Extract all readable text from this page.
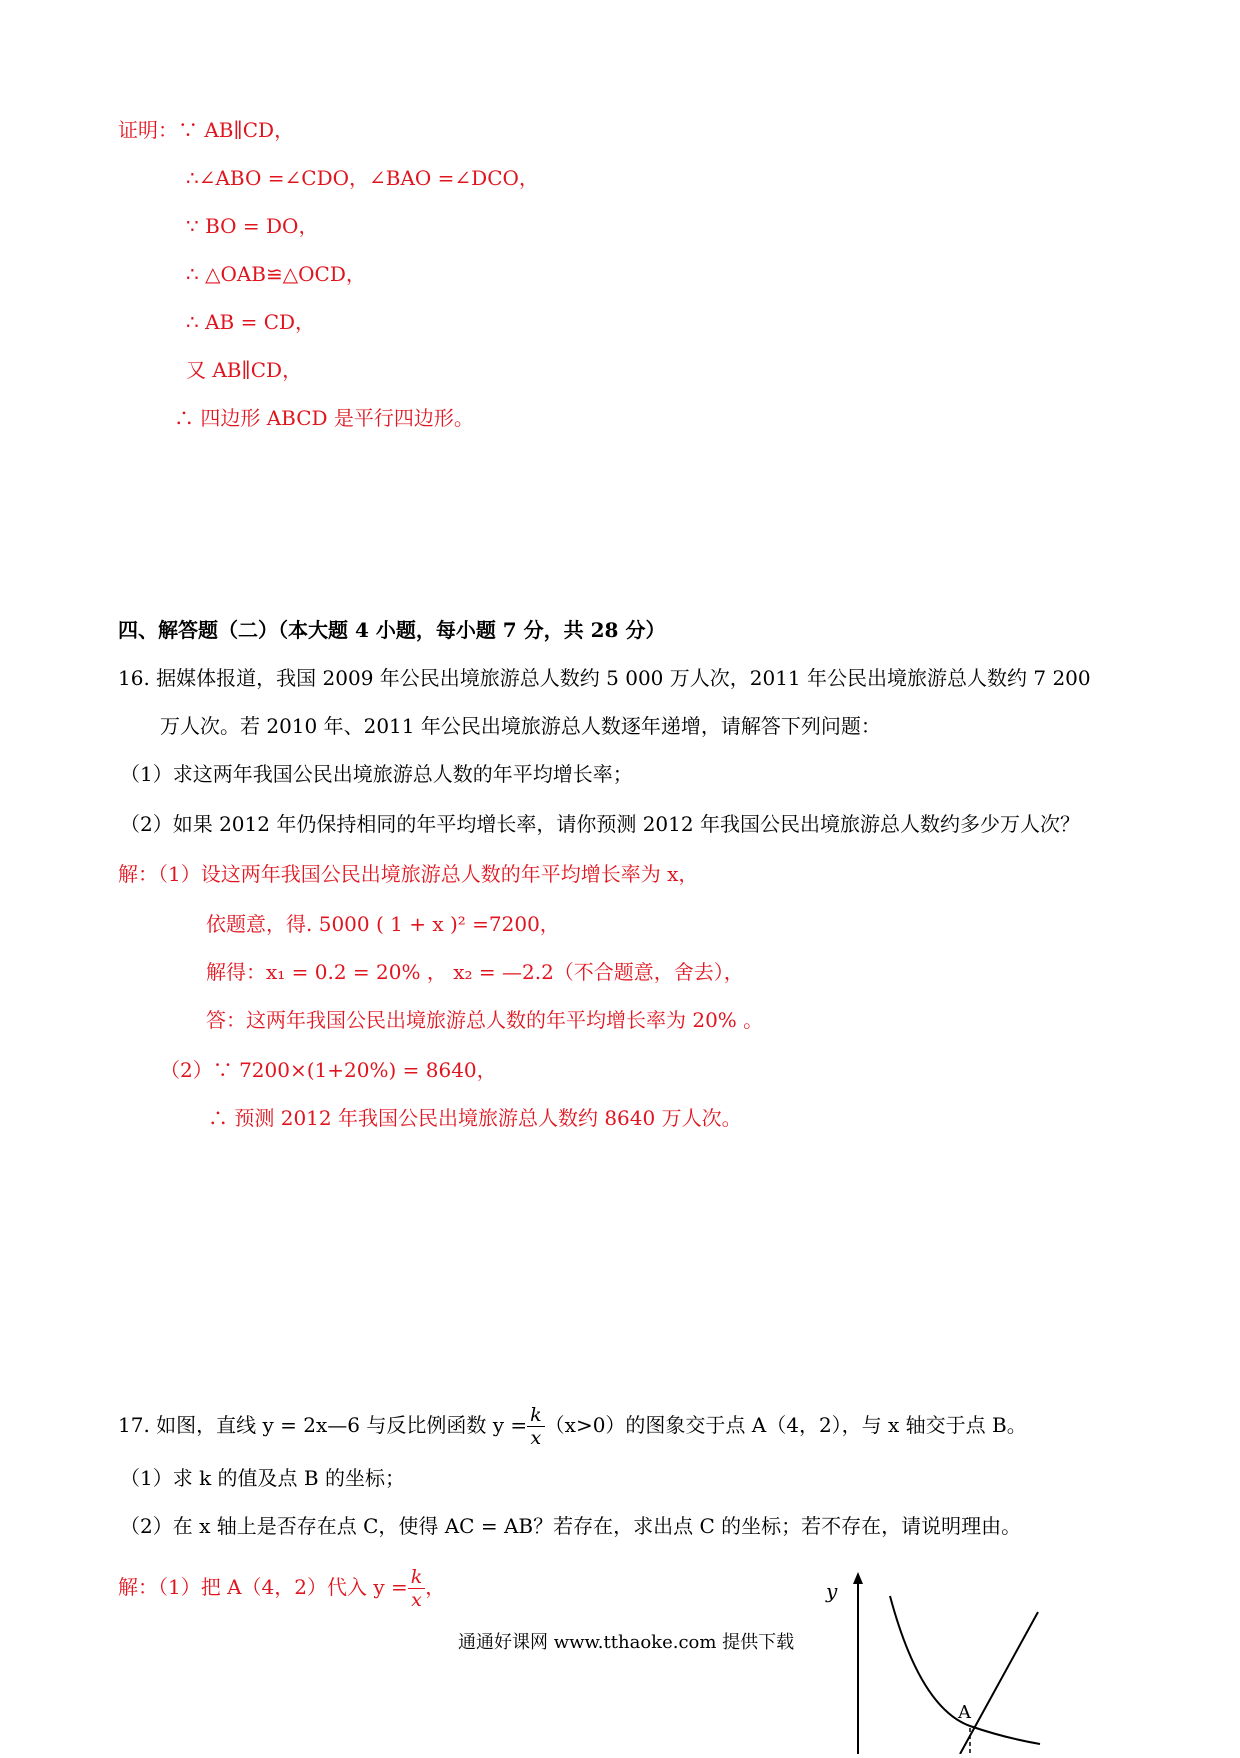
证明：∵ AB∥CD，
∴∠ABO =∠CDO，∠BAO =∠DCO，
∵ BO = DO，
∴ △OAB≌△OCD，
∴ AB = CD，
又 AB∥CD，
∴ 四边形 ABCD 是平行四边形。
四、解答题（二）（本大题 4 小题，每小题 7 分，共 28 分）
16. 据媒体报道，我国 2009 年公民出境旅游总人数约 5 000 万人次，2011 年公民出境旅游总人数约 7 200
万人次。若 2010 年、2011 年公民出境旅游总人数逐年递增，请解答下列问题：
（1）求这两年我国公民出境旅游总人数的年平均增长率；
（2）如果 2012 年仍保持相同的年平均增长率，请你预测 2012 年我国公民出境旅游总人数约多少万人次？
解：（1）设这两年我国公民出境旅游总人数的年平均增长率为 x，
依题意，得. 5000 ( 1 + x )² =7200，
解得：x₁ = 0.2 = 20% ， x₂ = —2.2（不合题意，舍去），
答：这两年我国公民出境旅游总人数的年平均增长率为 20% 。
（2）∵ 7200×(1+20%) = 8640，
∴ 预测 2012 年我国公民出境旅游总人数约 8640 万人次。
17. 如图，直线 y = 2x—6 与反比例函数 $y = \frac{k}{x} (x>0)$的图象交于点 A（4，2），与 x 轴交于点 B。
（1）求 k 的值及点 B 的坐标；
（2）在 x 轴上是否存在点 C，使得 AC = AB？若存在，求出点 C 的坐标；若不存在，请说明理由。
解：（1）把 A（4，2）代入 $y = \frac{k}{x}$ ，
通通好课网 www.tthaoke.com 提供下载
y
A
